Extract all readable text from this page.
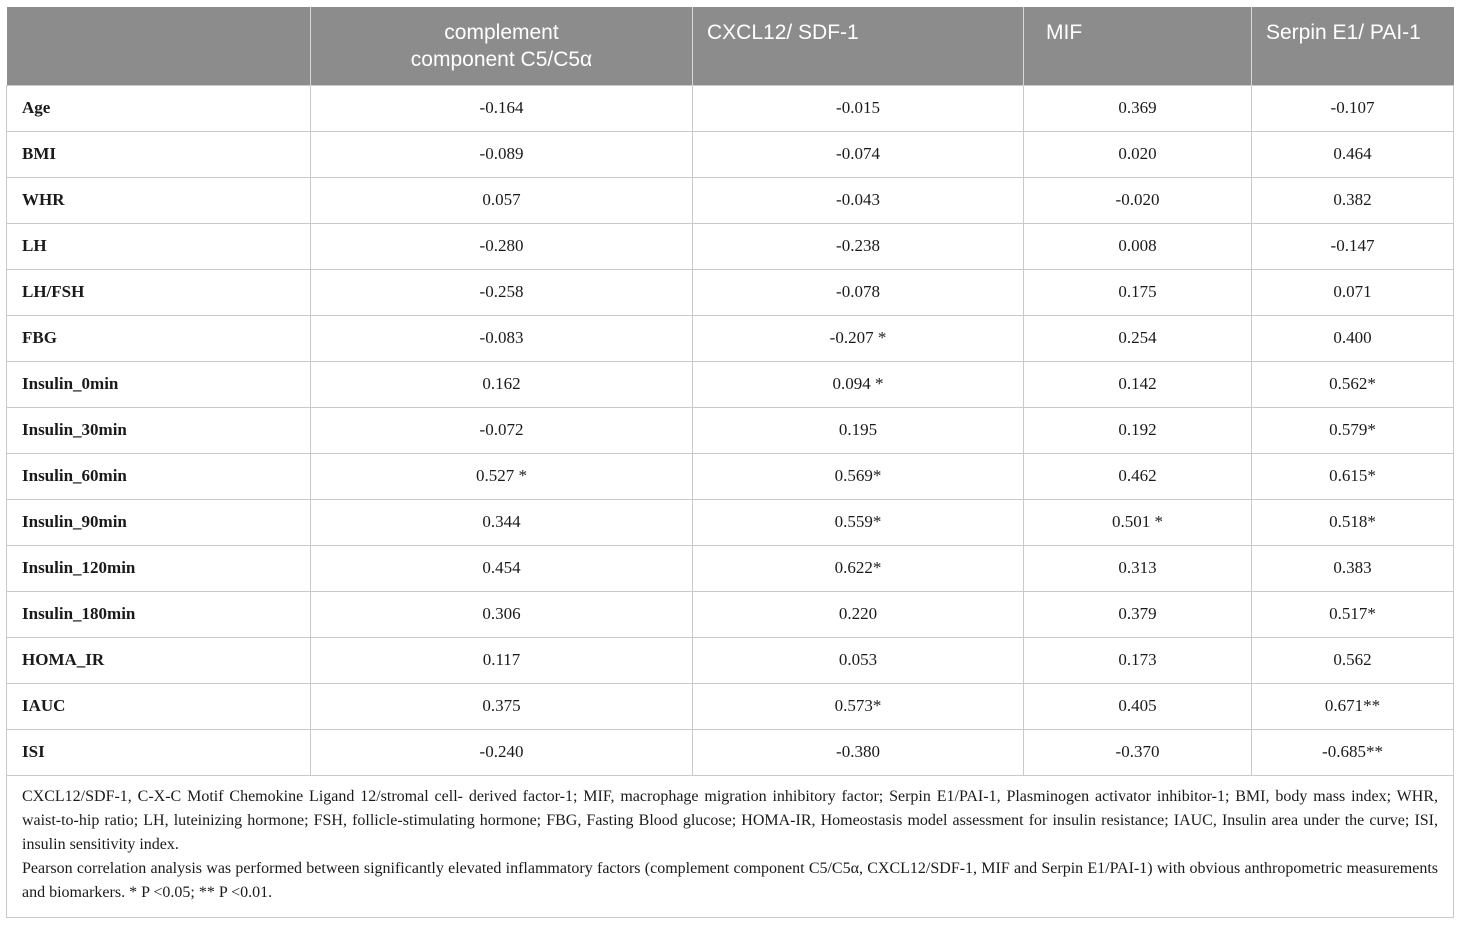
	complement
component C5/C5α	CXCL12/ SDF-1	MIF	Serpin E1/ PAI-1
Age	-0.164	-0.015	0.369	-0.107
BMI	-0.089	-0.074	0.020	0.464
WHR	0.057	-0.043	-0.020	0.382
LH	-0.280	-0.238	0.008	-0.147
LH/FSH	-0.258	-0.078	0.175	0.071
FBG	-0.083	-0.207 *	0.254	0.400
Insulin_0min	0.162	0.094 *	0.142	0.562*
Insulin_30min	-0.072	0.195	0.192	0.579*
Insulin_60min	0.527 *	0.569*	0.462	0.615*
Insulin_90min	0.344	0.559*	0.501 *	0.518*
Insulin_120min	0.454	0.622*	0.313	0.383
Insulin_180min	0.306	0.220	0.379	0.517*
HOMA_IR	0.117	0.053	0.173	0.562
IAUC	0.375	0.573*	0.405	0.671**
ISI	-0.240	-0.380	-0.370	-0.685**

CXCL12/SDF-1, C-X-C Motif Chemokine Ligand 12/stromal cell- derived factor-1; MIF, macrophage migration inhibitory factor; Serpin E1/PAI-1, Plasminogen activator inhibitor-1; BMI, body mass index; WHR, waist-to-hip ratio; LH, luteinizing hormone; FSH, follicle-stimulating hormone; FBG, Fasting Blood glucose; HOMA-IR, Homeostasis model assessment for insulin resistance; IAUC, Insulin area under the curve; ISI, insulin sensitivity index.

Pearson correlation analysis was performed between significantly elevated inflammatory factors (complement component C5/C5α, CXCL12/SDF-1, MIF and Serpin E1/PAI-1) with obvious anthropometric measurements and biomarkers. * P <0.05; ** P <0.01.				
